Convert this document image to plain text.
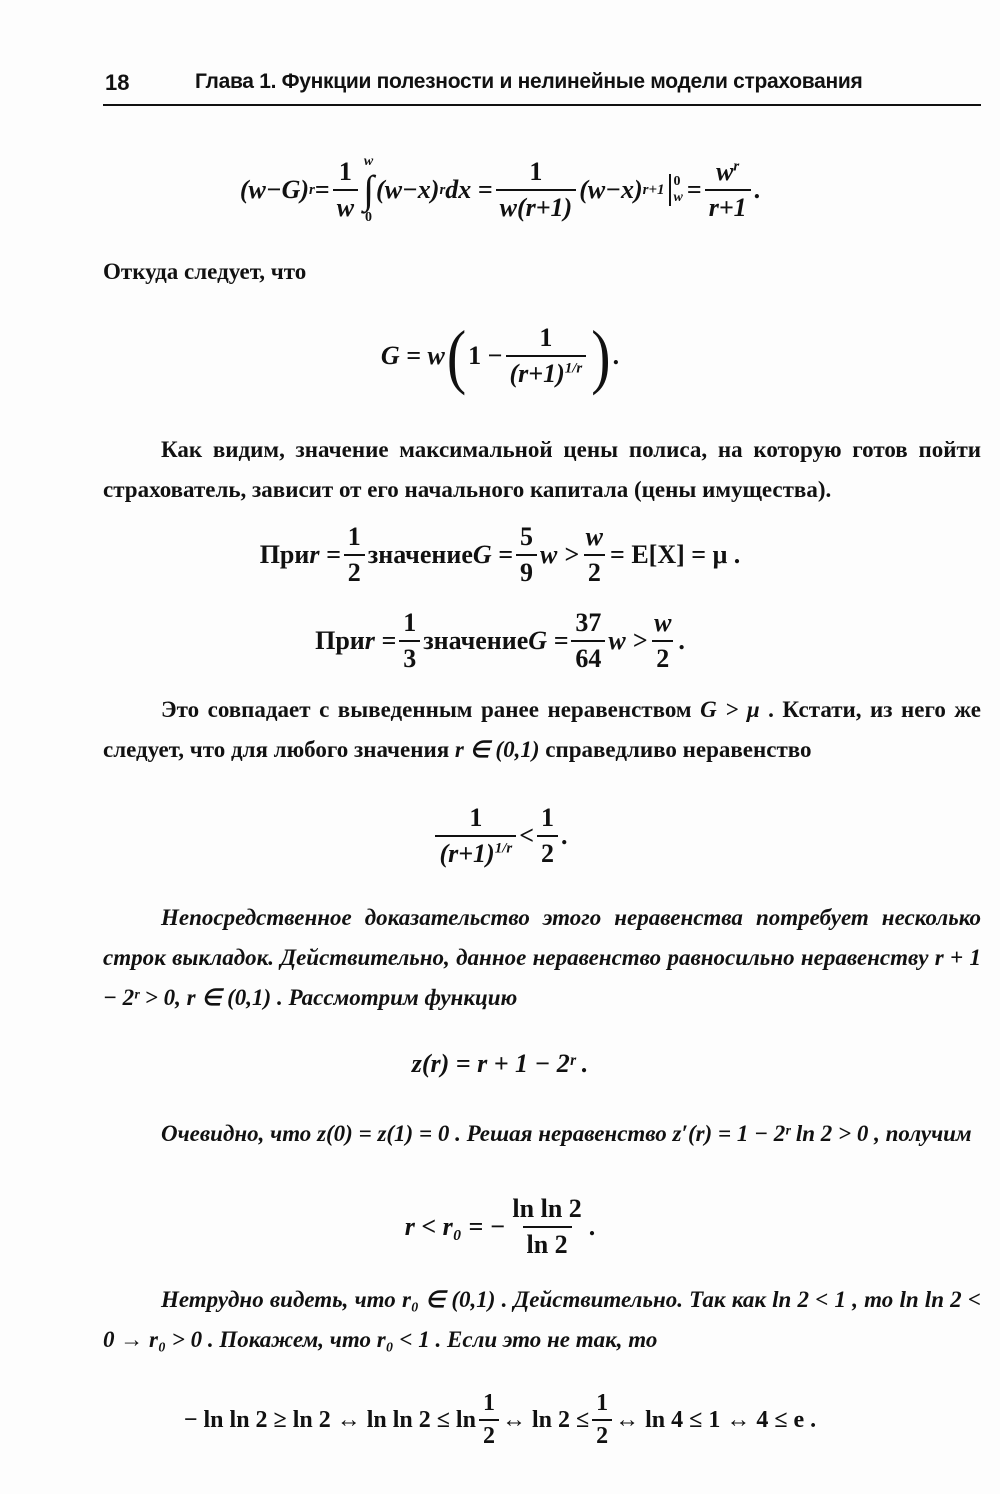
18	Глава 1. Функции полезности и нелинейные модели страхования
(w−G) $r = \frac{1}{w}$ w
∫
0
(w−x) r dx = $\frac{1}{w(r+1)} (w-x)$ r+1 0
$w = \frac{w^r}{r+1}$ .
Откуда следует, что
G = w ( $1 - \frac{1}{(r+1)^{1/r}}$ ) .
Как видим, значение максимальной цены полиса, на которую готов пойти страхователь, зависит от его начального капитала (цены имущества).
При $r = \frac{1}{2}$ значение $G = \frac{5}{9}$ $w > \frac{w}{2} = E[X] = \mu$ .
При $r = \frac{1}{3}$ значение $G = \frac{37}{64}$ $w > \frac{w}{2}$ .
Это совпадает с выведенным ранее неравенством G > μ . Кстати, из него же следует, что для любого значения r ∈ (0,1) справедливо неравенство
$\frac{1}{(r+1)^{1/r}} < \frac{1}{2}$ .
Непосредственное доказательство этого неравенства потребует несколько строк выкладок. Действительно, данное неравенство равносильно неравенству r + 1 − 2ʳ > 0, r ∈ (0,1) . Рассмотрим функцию
z(r) = r + 1 − 2ʳ .
Очевидно, что z(0) = z(1) = 0 . Решая неравенство z′(r) = 1 − 2ʳ ln 2 > 0 , получим
r < r₀ = − $\frac{\text{ln ln 2}}{\ln 2}$ .
Нетрудно видеть, что r₀ ∈ (0,1) . Действительно. Так как ln 2 < 1 , то ln ln 2 < 0 → r₀ > 0 . Покажем, что r₀ < 1 . Если это не так, то
− ln ln 2 ≥ ln 2 ↔ $\ln \ln 2 \le \ln \frac{1}{2}$ ↔ $\ln 2 \le \frac{1}{2}$ ↔ ln 4 ≤ 1 ↔ 4 ≤ e .
